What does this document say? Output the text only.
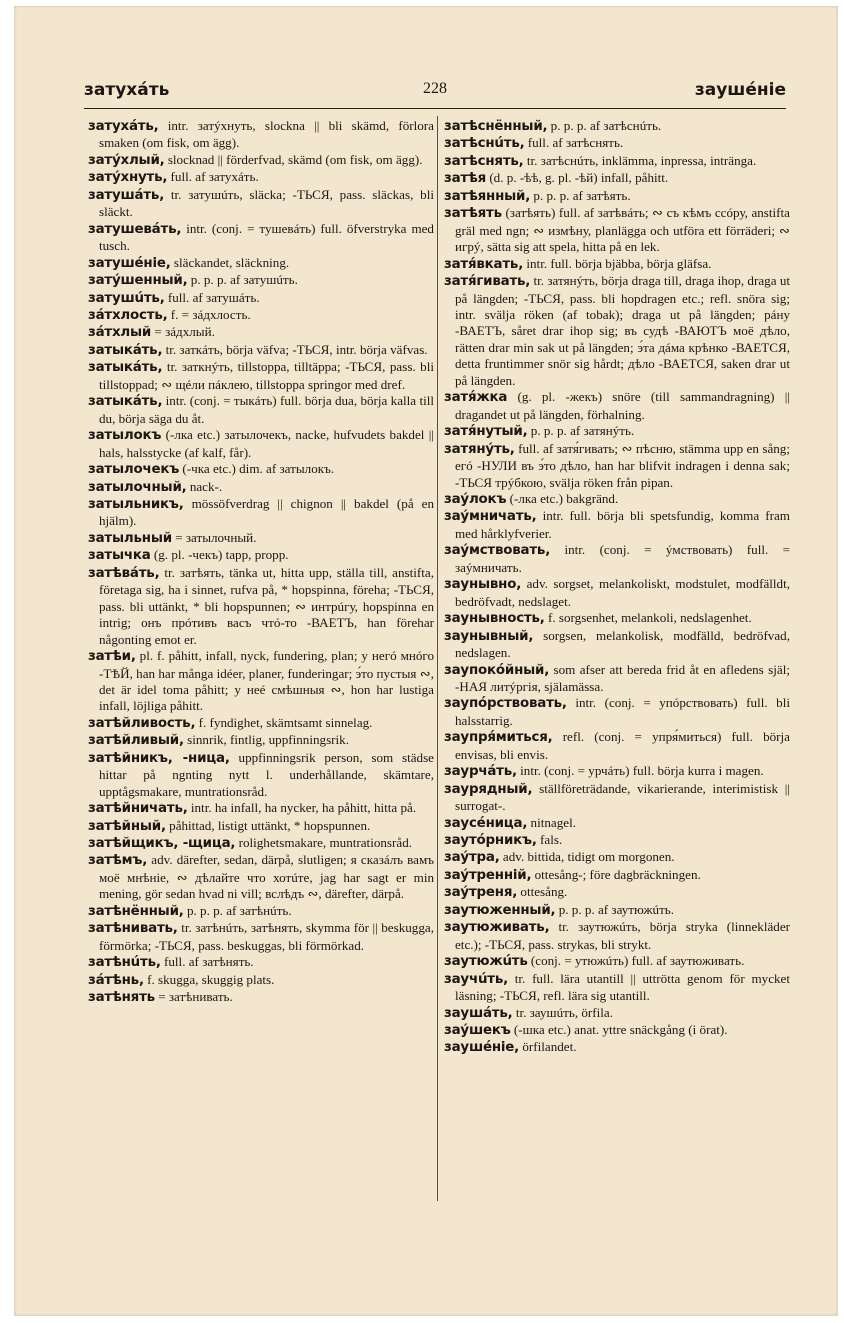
затухáть	228	заушéніе

затухáть, intr. затýхнуть, slockna || bli skämd, förlora smaken (om fisk, om ägg).

затýхлый, slocknad || förderfvad, skämd (om fisk, om ägg).

затýхнуть, full. af затухáть.

затушáть, tr. затушúть, släcka; -ТЬСЯ, pass. släckas, bli släckt.

затушевáть, intr. (conj. = тушевáть) full. öfverstryka med tusch.

затушéніе, släckandet, släckning.

затýшенный, p. p. p. af затушúть.

затушúть, full. af затушáть.

зáтхлость, f. = зáдхлость.

зáтхлый = зáдхлый.

затыкáть, tr. заткáть, börja väfva; -ТЬСЯ, intr. börja väfvas.

затыкáть, tr. заткнýть, tillstoppa, tilltäppa; -ТЬСЯ, pass. bli tillstoppad; ∾ щéли пáклею, tillstoppa springor med dref.

затыкáть, intr. (conj. = тыкáть) full. börja dua, börja kalla till du, börja säga du åt.

затылокъ (-лка etc.) затылочекъ, nacke, hufvudets bakdel || hals, halsstycke (af kalf, får).

затылочекъ (-чка etc.) dim. af затылокъ.

затылочный, nack-.

затыльникъ, mössöfverdrag || chignon || bakdel (på en hjälm).

затыльный = затылочный.

затычка (g. pl. -чекъ) tapp, propp.

затѣвáть, tr. затѣять, tänka ut, hitta upp, ställa till, anstifta, företaga sig, ha i sinnet, rufva på, * hopspinna, föreha; -ТЬСЯ, pass. bli uttänkt, * bli hopspunnen; ∾ интрúгу, hopspinna en intrig; онъ прóтивъ васъ чтó-то -ВАЕТЪ, han förehar någonting emot er.

затѣи, pl. f. påhitt, infall, nyck, fundering, plan; у негó мнóго -ТѢЙ, han har många idéer, planer, funderingar; э́то пустыя ∾, det är idel toma påhitt; у неé смѣшныя ∾, hon har lustiga infall, löjliga påhitt.

затѣйливость, f. fyndighet, skämtsamt sinnelag.

затѣйливый, sinnrik, fintlig, uppfinningsrik.

затѣйникъ, -ница, uppfinningsrik person, som städse hittar på ngnting nytt l. underhållande, skämtare, upptågsmakare, muntrationsråd.

затѣйничать, intr. ha infall, ha nycker, ha påhitt, hitta på.

затѣйный, påhittad, listigt uttänkt, * hopspunnen.

затѣйщикъ, -щица, rolighetsmakare, muntrationsråd.

затѣмъ, adv. därefter, sedan, därpå, slutligen; я сказáлъ вамъ моё мнѣніе, ∾ дѣлайте что хотúте, jag har sagt er min mening, gör sedan hvad ni vill; вслѣдъ ∾, därefter, därpå.

затѣнённый, p. p. p. af затѣнúть.

затѣнивать, tr. затѣнúть, затѣнять, skymma för || beskugga, förmörka; -ТЬСЯ, pass. beskuggas, bli förmörkad.

затѣнúть, full. af затѣнять.

зáтѣнь, f. skugga, skuggig plats.

затѣнять = затѣнивать.

затѣснённый, p. p. p. af затѣснúть.

затѣснúть, full. af затѣснять.

затѣснять, tr. затѣснúть, inklämma, inpressa, intränga.

затѣя (d. p. -ѣѣ, g. pl. -ѣй) infall, påhitt.

затѣянный, p. p. p. af затѣять.

затѣять (затѣять) full. af затѣвáть; ∾ съ кѣмъ ссóру, anstifta gräl med ngn; ∾ измѣну, planlägga och utföra ett förräderi; ∾ игрý, sätta sig att spela, hitta på en lek.

затя́вкать, intr. full. börja bjäbba, börja gläfsa.

затя́гивать, tr. затянýть, börja draga till, draga ihop, draga ut på längden; -ТЬСЯ, pass. bli hopdragen etc.; refl. snöra sig; intr. svälja röken (af tobak); draga ut på längden; рáну -ВАЕТЪ, såret drar ihop sig; въ судѣ -ВАЮТЪ моё дѣло, rätten drar min sak ut på längden; э́та дáма крѣнко -ВАЕТСЯ, detta fruntimmer snör sig hårdt; дѣло -ВАЕТСЯ, saken drar ut på längden.

затя́жка (g. pl. -жекъ) snöre (till sammandragning) || dragandet ut på längden, förhalning.

затя́нутый, p. p. p. af затянýть.

затянýть, full. af затя́гивать; ∾ пѣсню, stämma upp en sång; егó -НУЛИ въ э́то дѣло, han har blifvit indragen i denna sak; -ТЬСЯ трýбкою, svälja röken från pipan.

заýлокъ (-лка etc.) bakgränd.

заýмничать, intr. full. börja bli spetsfundig, komma fram med hårklyfverier.

заýмствовать, intr. (conj. = ýмствовать) full. = заýмничать.

заунывно, adv. sorgset, melankoliskt, modstulet, modfälldt, bedröfvadt, nedslaget.

заунывность, f. sorgsenhet, melankoli, nedslagenhet.

заунывный, sorgsen, melankolisk, modfälld, bedröfvad, nedslagen.

заупокóйный, som afser att bereda frid åt en afledens själ; -НАЯ литýргія, själamässa.

заупóрствовать, intr. (conj. = упóрствовать) full. bli halsstarrig.

заупря́миться, refl. (conj. = упря́миться) full. börja envisas, bli envis.

заурчáть, intr. (conj. = урчáть) full. börja kurra i magen.

заурядный, ställföreträdande, vikarierande, interimistisk || surrogat-.

заусéница, nitnagel.

заутóрникъ, fals.

заýтра, adv. bittida, tidigt om morgonen.

заýтренній, ottesång-; före dagbräckningen.

заýтреня, ottesång.

заутюженный, p. p. p. af заутюжúть.

заутюживать, tr. заутюжúть, börja stryka (linnekläder etc.); -ТЬСЯ, pass. strykas, bli strykt.

заутюжúть (conj. = утюжúть) full. af заутюживать.

заучúть, tr. full. lära utantill || uttrötta genom för mycket läsning; -ТЬСЯ, refl. lära sig utantill.

заушáть, tr. заушúть, örfila.

заýшекъ (-шка etc.) anat. yttre snäckgång (i örat).

заушéніе, örfilandet.
